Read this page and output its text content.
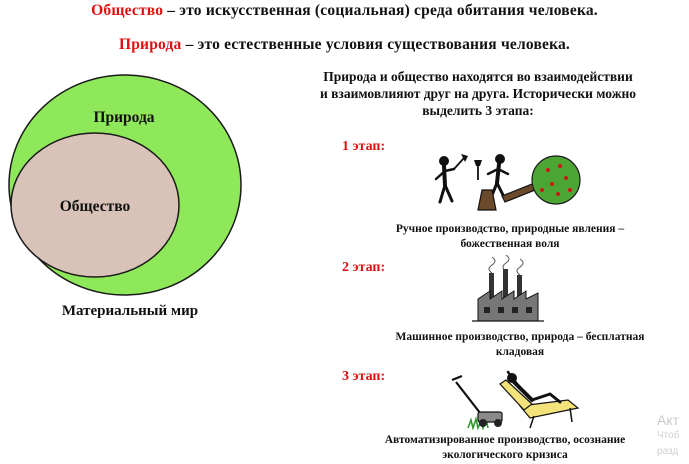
Общество – это искусственная (социальная) среда обитания человека.
Природа – это естественные условия существования человека.
Природа
Общество
Материальный мир
Природа и общество находятся во взаимодействии
и взаимовлияют друг на друга. Исторически можно
выделить 3 этапа:
1 этап:
Ручное производство, природные явления –
божественная воля
2 этап:
Машинное производство, природа – бесплатная
кладовая
3 этап:
Автоматизированное производство, осознание
экологического кризиса
Акт
Чтоб
разд
